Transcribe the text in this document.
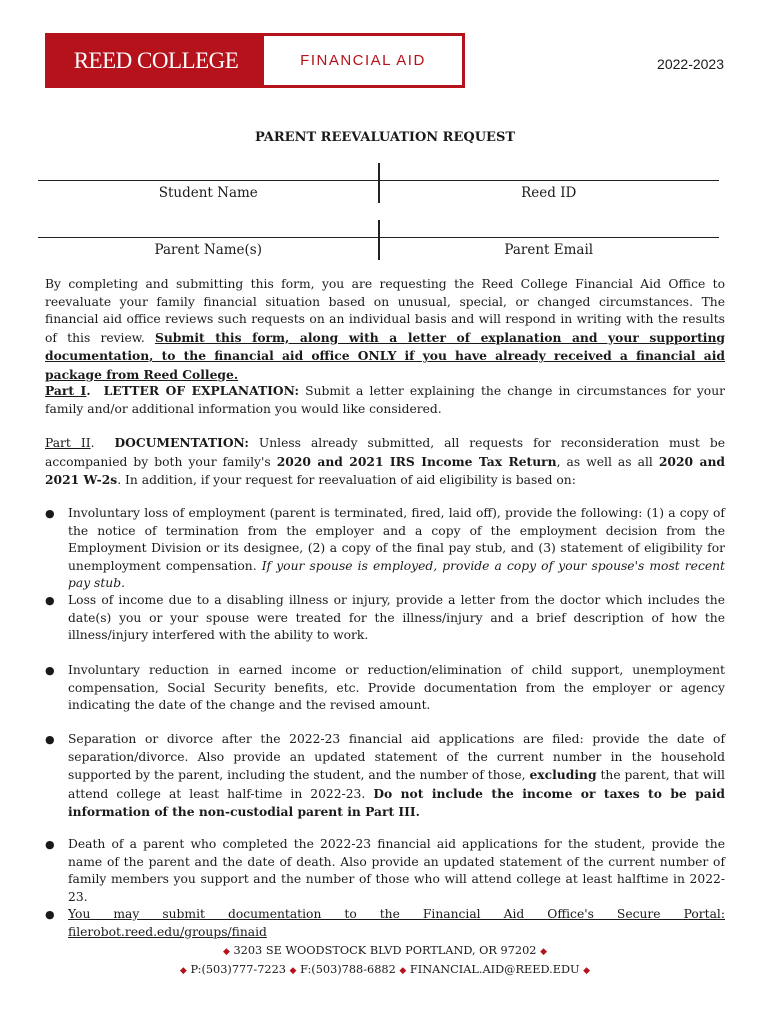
REED COLLEGE	FINANCIAL AID	2022-2023
PARENT REEVALUATION REQUEST
Student Name	Reed ID
Parent Name(s)	Parent Email
By completing and submitting this form, you are requesting the Reed College Financial Aid Office to reevaluate your family financial situation based on unusual, special, or changed circumstances. The financial aid office reviews such requests on an individual basis and will respond in writing with the results of this review. Submit this form, along with a letter of explanation and your supporting documentation, to the financial aid office ONLY if you have already received a financial aid package from Reed College.
Part I.  LETTER OF EXPLANATION: Submit a letter explaining the change in circumstances for your family and/or additional information you would like considered.
Part II.  DOCUMENTATION: Unless already submitted, all requests for reconsideration must be accompanied by both your family's 2020 and 2021 IRS Income Tax Return, as well as all 2020 and 2021 W-2s. In addition, if your request for reevaluation of aid eligibility is based on:
● Involuntary loss of employment (parent is terminated, fired, laid off), provide the following: (1) a copy of the notice of termination from the employer and a copy of the employment decision from the Employment Division or its designee, (2) a copy of the final pay stub, and (3) statement of eligibility for unemployment compensation. If your spouse is employed, provide a copy of your spouse's most recent pay stub.
● Loss of income due to a disabling illness or injury, provide a letter from the doctor which includes the date(s) you or your spouse were treated for the illness/injury and a brief description of how the illness/injury interfered with the ability to work.
● Involuntary reduction in earned income or reduction/elimination of child support, unemployment compensation, Social Security benefits, etc. Provide documentation from the employer or agency indicating the date of the change and the revised amount.
● Separation or divorce after the 2022-23 financial aid applications are filed: provide the date of separation/divorce. Also provide an updated statement of the current number in the household supported by the parent, including the student, and the number of those, excluding the parent, that will attend college at least half-time in 2022-23. Do not include the income or taxes to be paid information of the non-custodial parent in Part III.
● Death of a parent who completed the 2022-23 financial aid applications for the student, provide the name of the parent and the date of death. Also provide an updated statement of the current number of family members you support and the number of those who will attend college at least halftime in 2022-23.
● You may submit documentation to the Financial Aid Office's Secure Portal: filerobot.reed.edu/groups/finaid
◆ 3203 SE WOODSTOCK BLVD PORTLAND, OR 97202 ◆
◆ P:(503)777-7223 ◆ F:(503)788-6882 ◆ FINANCIAL.AID@REED.EDU ◆
